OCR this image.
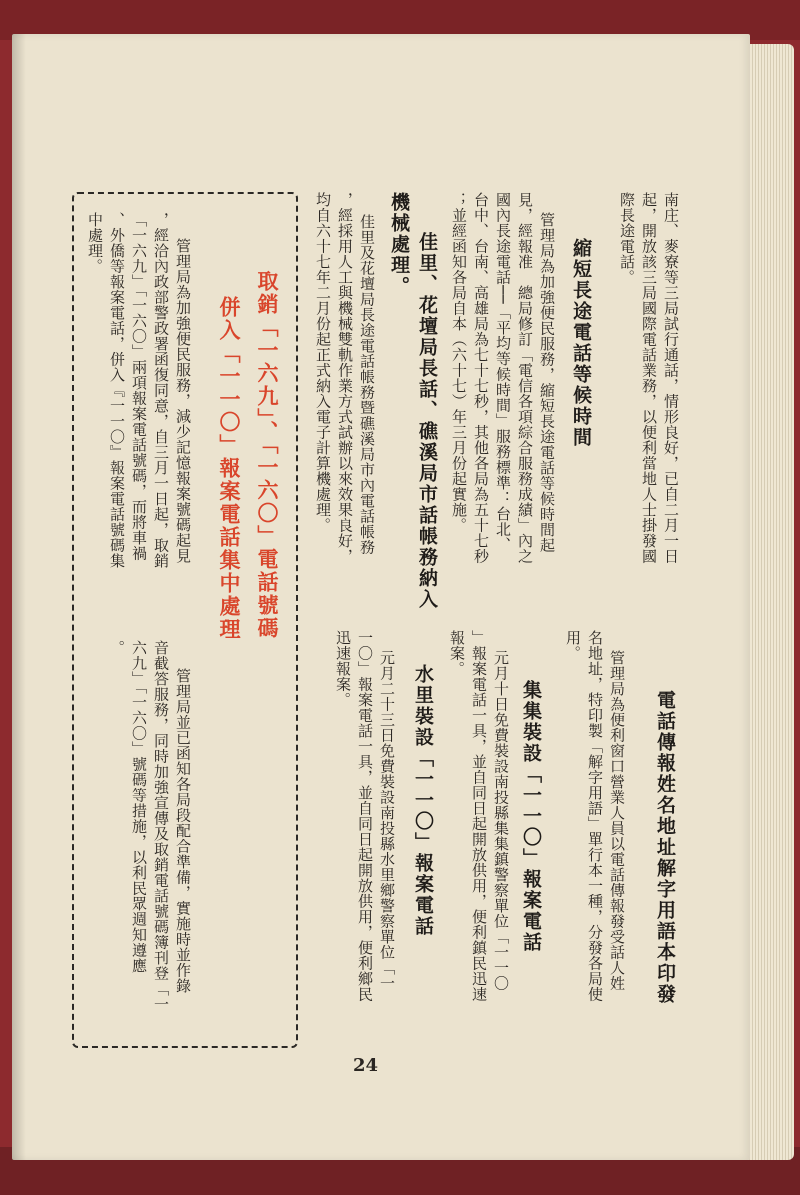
南庄、麥寮等三局試行通話，情形良好，已自二月一日
起，開放該三局國際電話業務，以便利當地人士掛發國
際長途電話。
縮短長途電話等候時間
管理局為加強便民服務，縮短長途電話等候時間起
見，經報准　總局修訂「電信各項綜合服務成績」內之
國內長途電話──「平均等候時間」服務標準：台北、
台中、台南、高雄局為七十七秒，其他各局為五十七秒
；並經函知各局自本（六十七）年三月份起實施。
佳里、花壇局長話、礁溪局市話帳務納入
機械處理。
佳里及花壇局長途電話帳務暨礁溪局市內電話帳務
，經採用人工與機械雙軌作業方式試辦以來效果良好，
均自六十七年二月份起正式納入電子計算機處理。
電話傳報姓名地址解字用語本印發
管理局為便利窗口營業人員以電話傳報發受話人姓
名地址，特印製「解字用語」單行本一種，分發各局使
用。
集集裝設「一一〇」報案電話
元月十日免費裝設南投縣集集鎮警察單位「一一〇
」報案電話一具，並自同日起開放供用，便利鎮民迅速
報案。
水里裝設「一一〇」報案電話
元月二十三日免費裝設南投縣水里鄉警察單位「一
一〇」報案電話一具，並自同日起開放供用，便利鄉民
迅速報案。
取銷「一六九」、「一六〇」電話號碼
併入「一一〇」報案電話集中處理
管理局為加強便民服務，減少記憶報案號碼起見
，經洽內政部警政署函復同意，自三月一日起，取銷
「一六九」「一六〇」兩項報案電話號碼，而將車禍
、外僑等報案電話，併入『一一〇』報案電話號碼集
中處理。
管理局並已函知各局段配合準備，實施時並作錄
音截答服務，同時加強宣傳及取銷電話號碼簿刊登「一
六九」「一六〇」號碼等措施，以利民眾週知遵應
。
24
